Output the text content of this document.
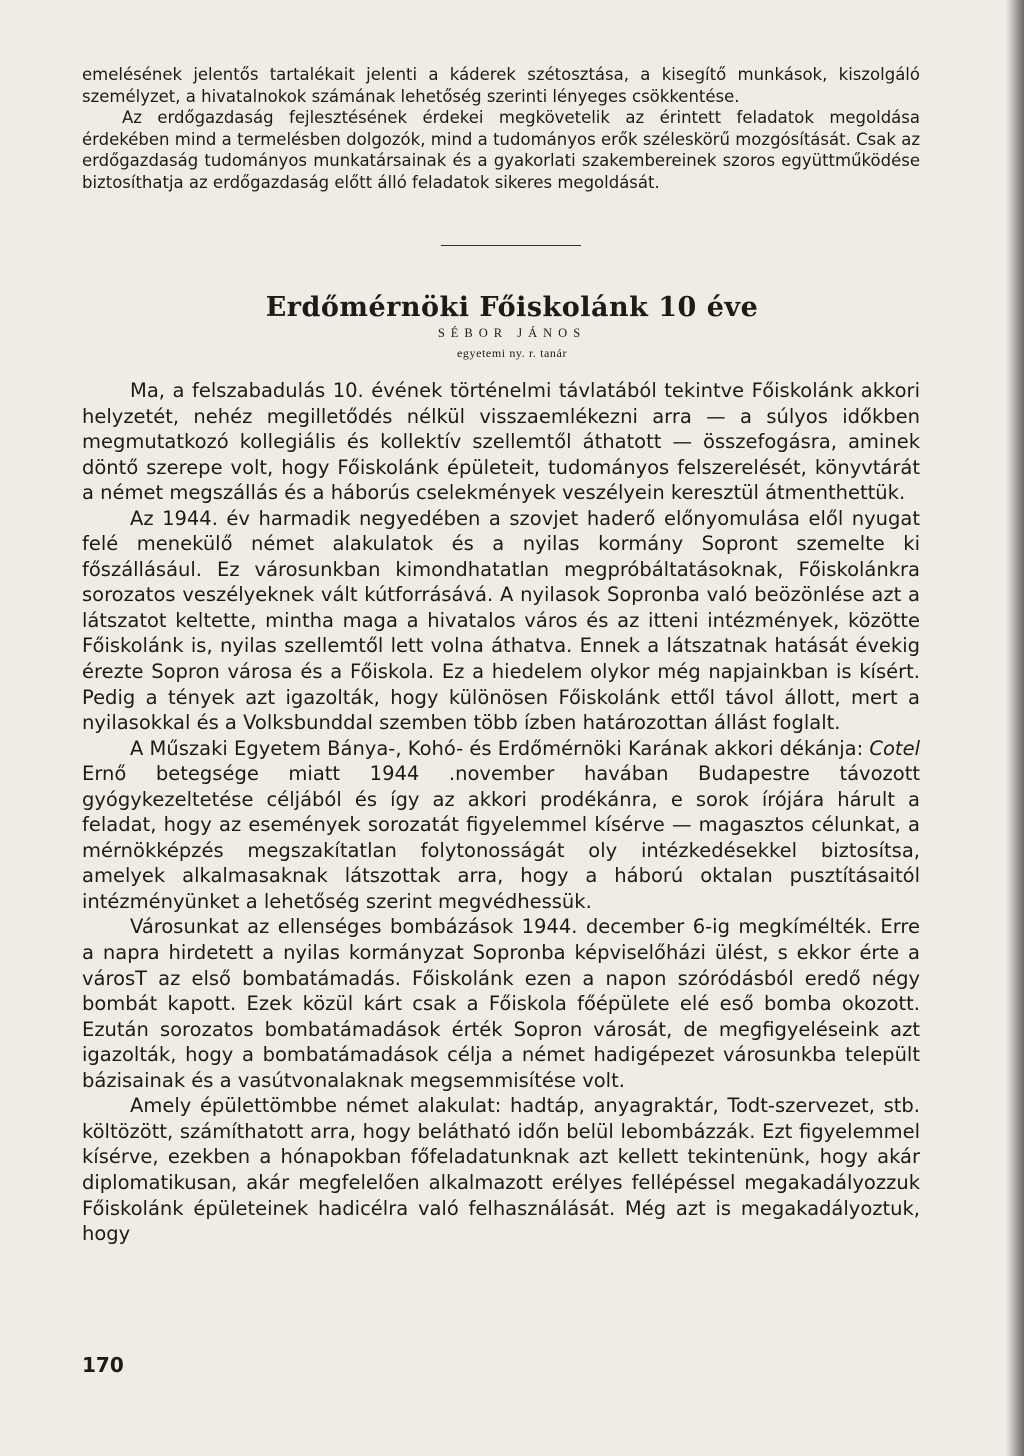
emelésének jelentős tartalékait jelenti a káderek szétosztása, a kisegítő munkások, kiszolgáló személyzet, a hivatalnokok számának lehetőség szerinti lényeges csökkentése.

Az erdőgazdaság fejlesztésének érdekei megkövetelik az érintett feladatok megoldása érdekében mind a termelésben dolgozók, mind a tudományos erők széleskörű mozgósítását. Csak az erdőgazdaság tudományos munkatársainak és a gyakorlati szakembereinek szoros együttműködése biztosíthatja az erdőgazdaság előtt álló feladatok sikeres megoldását.

Erdőmérnöki Főiskolánk 10 éve
SÉBOR JÁNOS
egyetemi ny. r. tanár

Ma, a felszabadulás 10. évének történelmi távlatából tekintve Főiskolánk akkori helyzetét, nehéz megilletődés nélkül visszaemlékezni arra — a súlyos időkben megmutatkozó kollegiális és kollektív szellemtől áthatott — összefogásra, aminek döntő szerepe volt, hogy Főiskolánk épületeit, tudományos felszerelését, könyvtárát a német megszállás és a háborús cselekmények veszélyein keresztül átmenthettük.

Az 1944. év harmadik negyedében a szovjet haderő előnyomulása elől nyugat felé menekülő német alakulatok és a nyilas kormány Sopront szemelte ki főszállásául. Ez városunkban kimondhatatlan megpróbáltatásoknak, Főiskolánkra sorozatos veszélyeknek vált kútforrásává. A nyilasok Sopronba való beözönlése azt a látszatot keltette, mintha maga a hivatalos város és az itteni intézmények, közötte Főiskolánk is, nyilas szellemtől lett volna áthatva. Ennek a látszatnak hatását évekig érezte Sopron városa és a Főiskola. Ez a hiedelem olykor még napjainkban is kísért. Pedig a tények azt igazolták, hogy különösen Főiskolánk ettől távol állott, mert a nyilasokkal és a Volksbunddal szemben több ízben határozottan állást foglalt.

A Műszaki Egyetem Bánya-, Kohó- és Erdőmérnöki Karának akkori dékánja: Cotel Ernő betegsége miatt 1944 .november havában Budapestre távozott gyógykezeltetése céljából és így az akkori prodékánra, e sorok írójára hárult a feladat, hogy az események sorozatát figyelemmel kísérve — magasztos célunkat, a mérnökképzés megszakítatlan folytonosságát oly intézkedésekkel biztosítsa, amelyek alkalmasaknak látszottak arra, hogy a háború oktalan pusztításaitól intézményünket a lehetőség szerint megvédhessük.

Városunkat az ellenséges bombázások 1944. december 6-ig megkímélték. Erre a napra hirdetett a nyilas kormányzat Sopronba képviselőházi ülést, s ekkor érte a városT az első bombatámadás. Főiskolánk ezen a napon szóródásból eredő négy bombát kapott. Ezek közül kárt csak a Főiskola főépülete elé eső bomba okozott. Ezután sorozatos bombatámadások érték Sopron városát, de megfigyeléseink azt igazolták, hogy a bombatámadások célja a német hadigépezet városunkba települt bázisainak és a vasútvonalaknak megsemmisítése volt.

Amely épülettömbbe német alakulat: hadtáp, anyagraktár, Todt-szervezet, stb. költözött, számíthatott arra, hogy belátható időn belül lebombázzák. Ezt figyelemmel kísérve, ezekben a hónapokban főfeladatunknak azt kellett tekintenünk, hogy akár diplomatikusan, akár megfelelően alkalmazott erélyes fellépéssel megakadályozzuk Főiskolánk épületeinek hadicélra való felhasználását. Még azt is megakadályoztuk, hogy

170
